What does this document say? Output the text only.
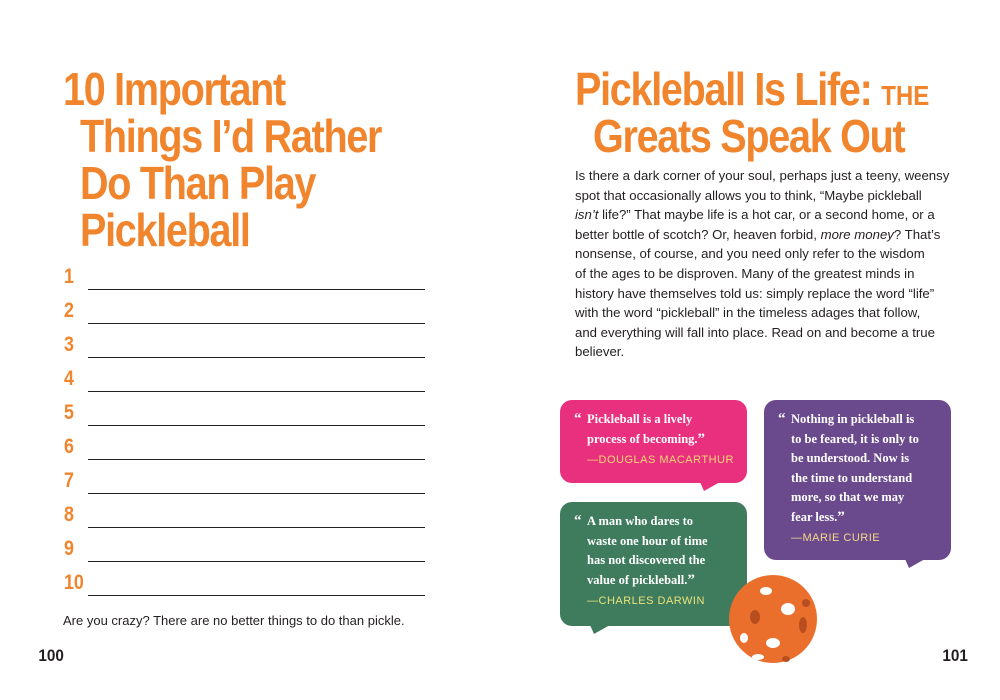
10 Important
Things I’d Rather
Do Than Play
Pickleball
1
2
3
4
5
6
7
8
9
10
Are you crazy? There are no better things to do than pickle.
100
Pickleball Is Life: THE
Greats Speak Out
Is there a dark corner of your soul, perhaps just a teeny, weensy
spot that occasionally allows you to think, “Maybe pickleball
isn’t life?” That maybe life is a hot car, or a second home, or a
better bottle of scotch? Or, heaven forbid, more money? That’s
nonsense, of course, and you need only refer to the wisdom
of the ages to be disproven. Many of the greatest minds in
history have themselves told us: simply replace the word “life”
with the word “pickleball” in the timeless adages that follow,
and everything will fall into place. Read on and become a true
believer.
“ Pickleball is a lively
process of becoming.”
—DOUGLAS MACARTHUR
“ Nothing in pickleball is
to be feared, it is only to
be understood. Now is
the time to understand
more, so that we may
fear less.”
—MARIE CURIE
“ A man who dares to
waste one hour of time
has not discovered the
value of pickleball.”
—CHARLES DARWIN
101
